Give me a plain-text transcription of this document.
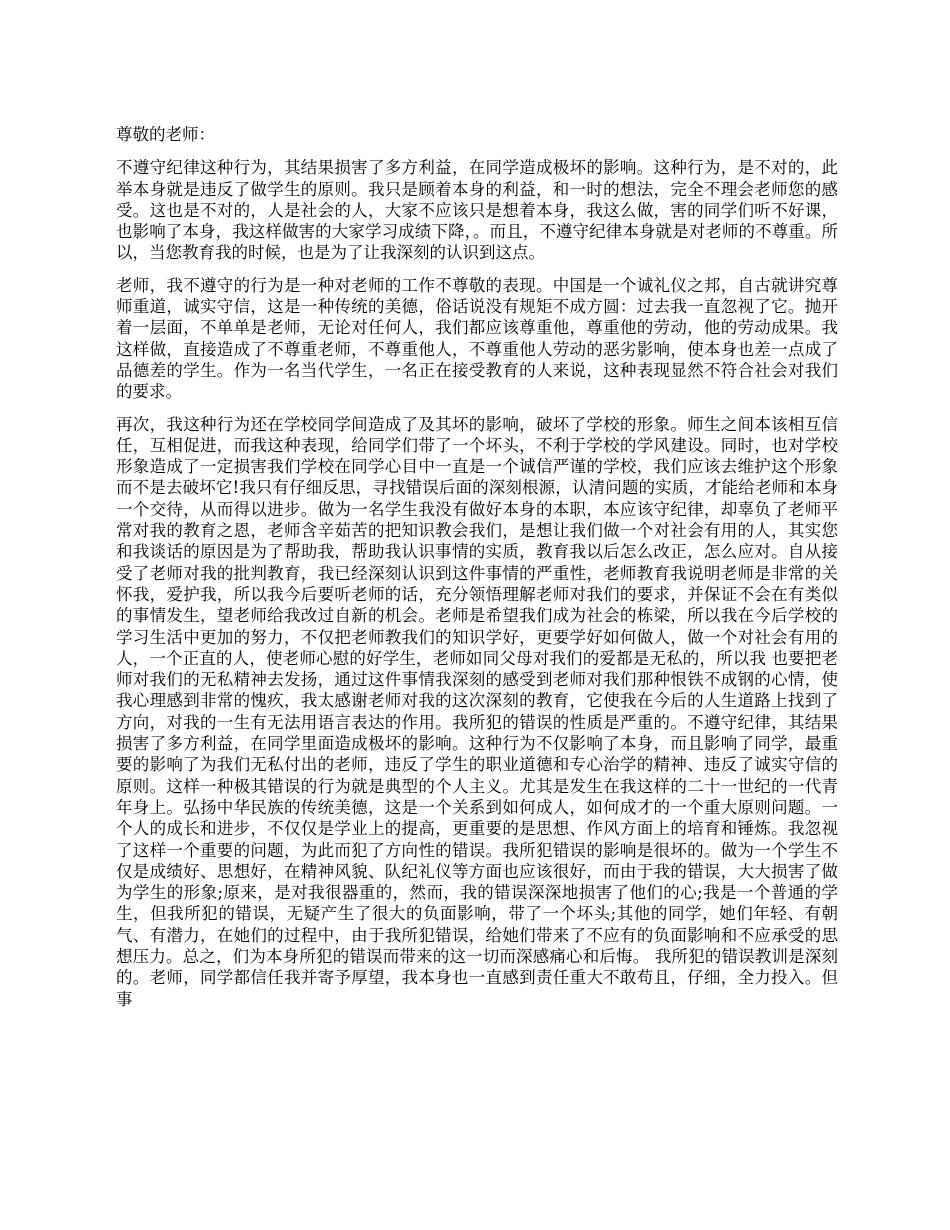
尊敬的老师：

不遵守纪律这种行为，其结果损害了多方利益，在同学造成极坏的影响。这种行为，是不对的，此举本身就是违反了做学生的原则。我只是顾着本身的利益，和一时的想法，完全不理会老师您的感受。这也是不对的，人是社会的人，大家不应该只是想着本身，我这么做，害的同学们听不好课，也影响了本身，我这样做害的大家学习成绩下降，。而且，不遵守纪律本身就是对老师的不尊重。所以，当您教育我的时候，也是为了让我深刻的认识到这点。

老师，我不遵守的行为是一种对老师的工作不尊敬的表现。中国是一个诚礼仪之邦，自古就讲究尊师重道，诚实守信，这是一种传统的美德，俗话说没有规矩不成方圆：过去我一直忽视了它。抛开着一层面，不单单是老师，无论对任何人，我们都应该尊重他，尊重他的劳动，他的劳动成果。我这样做，直接造成了不尊重老师，不尊重他人，不尊重他人劳动的恶劣影响，使本身也差一点成了品德差的学生。作为一名当代学生，一名正在接受教育的人来说，这种表现显然不符合社会对我们的要求。

再次，我这种行为还在学校同学间造成了及其坏的影响，破坏了学校的形象。师生之间本该相互信任，互相促进，而我这种表现，给同学们带了一个坏头，不利于学校的学风建设。同时，也对学校形象造成了一定损害我们学校在同学心目中一直是一个诚信严谨的学校，我们应该去维护这个形象而不是去破坏它!我只有仔细反思，寻找错误后面的深刻根源，认清问题的实质，才能给老师和本身一个交待，从而得以进步。做为一名学生我没有做好本身的本职，本应该守纪律，却辜负了老师平常对我的教育之恩，老师含辛茹苦的把知识教会我们，是想让我们做一个对社会有用的人，其实您和我谈话的原因是为了帮助我，帮助我认识事情的实质，教育我以后怎么改正，怎么应对。自从接受了老师对我的批判教育，我已经深刻认识到这件事情的严重性，老师教育我说明老师是非常的关怀我，爱护我，所以我今后要听老师的话，充分领悟理解老师对我们的要求，并保证不会在有类似的事情发生，望老师给我改过自新的机会。老师是希望我们成为社会的栋梁，所以我在今后学校的学习生活中更加的努力，不仅把老师教我们的知识学好，更要学好如何做人，做一个对社会有用的人，一个正直的人，使老师心慰的好学生，老师如同父母对我们的爱都是无私的，所以我 也要把老师对我们的无私精神去发扬，通过这件事情我深刻的感受到老师对我们那种恨铁不成钢的心情，使我心理感到非常的愧疚，我太感谢老师对我的这次深刻的教育，它使我在今后的人生道路上找到了方向，对我的一生有无法用语言表达的作用。我所犯的错误的性质是严重的。不遵守纪律，其结果损害了多方利益，在同学里面造成极坏的影响。这种行为不仅影响了本身，而且影响了同学，最重要的影响了为我们无私付出的老师，违反了学生的职业道德和专心治学的精神、违反了诚实守信的原则。这样一种极其错误的行为就是典型的个人主义。尤其是发生在我这样的二十一世纪的一代青年身上。弘扬中华民族的传统美德，这是一个关系到如何成人，如何成才的一个重大原则问题。一个人的成长和进步，不仅仅是学业上的提高，更重要的是思想、作风方面上的培育和锤炼。我忽视了这样一个重要的问题，为此而犯了方向性的错误。我所犯错误的影响是很坏的。做为一个学生不仅是成绩好、思想好，在精神风貌、队纪礼仪等方面也应该很好，而由于我的错误，大大损害了做为学生的形象;原来，是对我很器重的，然而，我的错误深深地损害了他们的心;我是一个普通的学生，但我所犯的错误，无疑产生了很大的负面影响，带了一个坏头;其他的同学，她们年轻、有朝气、有潜力，在她们的过程中，由于我所犯错误，给她们带来了不应有的负面影响和不应承受的思想压力。总之，们为本身所犯的错误而带来的这一切而深感痛心和后悔。 我所犯的错误教训是深刻的。老师，同学都信任我并寄予厚望，我本身也一直感到责任重大不敢苟且，仔细，全力投入。但事
